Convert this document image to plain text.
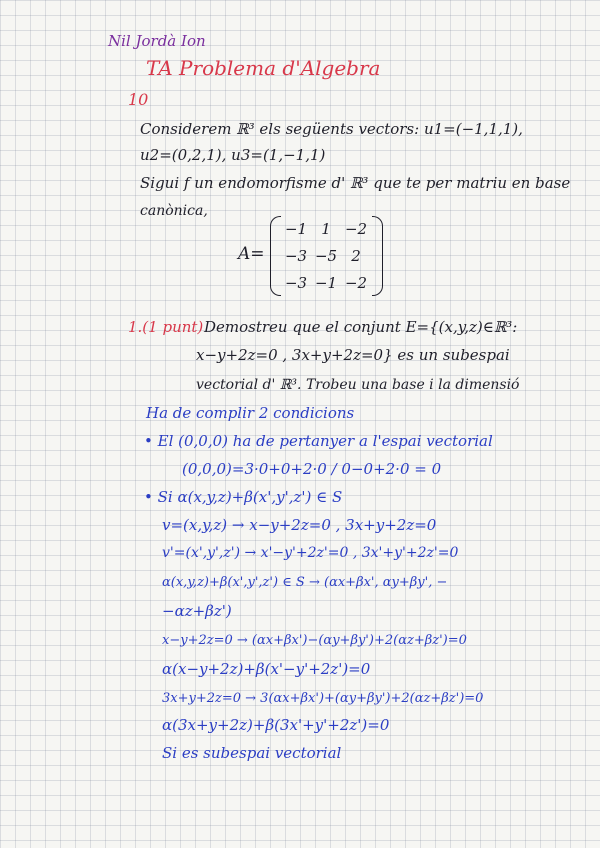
Nil Jordà Ion
TA Problema d'Algebra
10
Considerem ℝ³ els següents vectors: u1=(−1,1,1),
u2=(0,2,1), u3=(1,−1,1)
Sigui f un endomorfisme d' ℝ³ que te per matriu en base
canònica,
A=
−1 1 −2
−3 −5 2
−3 −1 −2
1.(1 punt) Demostreu que el conjunt E={(x,y,z)∈ℝ³:
x−y+2z=0 , 3x+y+2z=0} es un subespai
vectorial d' ℝ³. Trobeu una base i la dimensió
Ha de complir 2 condicions
• El (0,0,0) ha de pertanyer a l'espai vectorial
(0,0,0)=3·0+0+2·0 / 0−0+2·0 = 0
• Si α(x,y,z)+β(x',y',z') ∈ S
v=(x,y,z) → x−y+2z=0 , 3x+y+2z=0
v'=(x',y',z') → x'−y'+2z'=0 , 3x'+y'+2z'=0
α(x,y,z)+β(x',y',z') ∈ S → (αx+βx', αy+βy', −
−αz+βz')
x−y+2z=0 → (αx+βx')−(αy+βy')+2(αz+βz')=0
α(x−y+2z)+β(x'−y'+2z')=0
3x+y+2z=0 → 3(αx+βx')+(αy+βy')+2(αz+βz')=0
α(3x+y+2z)+β(3x'+y'+2z')=0
Si es subespai vectorial
